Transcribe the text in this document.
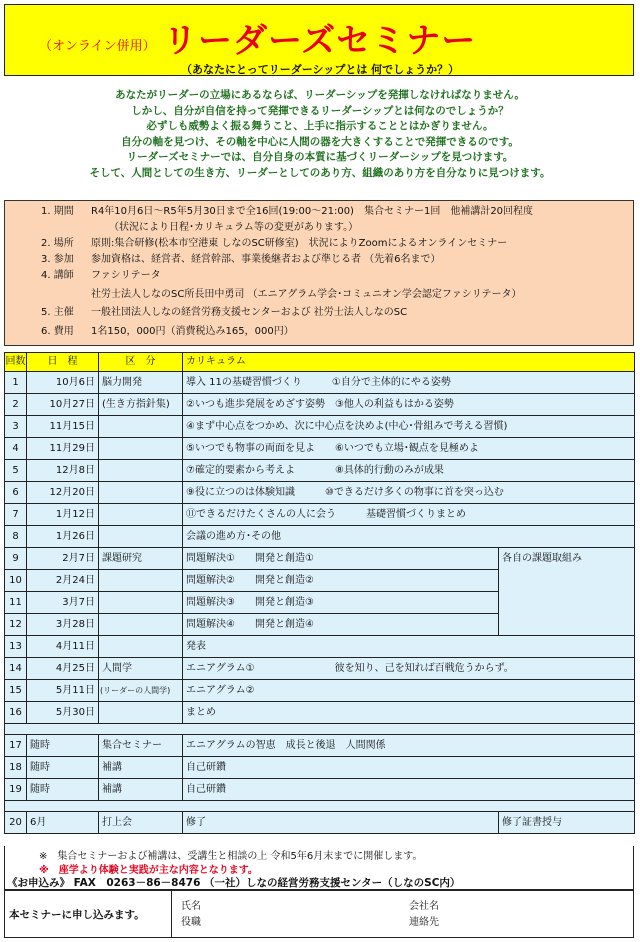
（オンライン併用） リーダーズセミナー
（あなたにとってリーダーシップとは 何でしょうか？）
あなたがリーダーの立場にあるならば、リーダーシップを発揮しなければなりません。
しかし、自分が自信を持って発揮できるリーダーシップとは何なのでしょうか？
必ずしも威勢よく振る舞うこと、上手に指示することとはかぎりません。
自分の軸を見つけ、その軸を中心に人間の器を大きくすることで発揮できるのです。
リーダーズセミナーでは、自分自身の本質に基づくリーダーシップを見つけます。
そして、人間としての生き方、リーダーとしてのあり方、組織のあり方を自分なりに見つけます。
1. 期間 R4年10月6日～R5年5月30日まで全16回(19:00～21:00)　集合セミナー1回　他補講計20回程度
（状況により日程･カリキュラム等の変更があります。）
2. 場所 原則:集合研修(松本市空港東 しなのSC研修室)　状況によりZoomによるオンラインセミナー
3. 参加 参加資格は、経営者、経営幹部、事業後継者および準じる者 （先着6名まで）
4. 講師 ファシリテータ
社労士法人しなのSC所長田中勇司 （エニアグラム学会･コミュニオン学会認定ファシリテータ）
5. 主催 一般社団法人しなの経営労務支援センターおよび 社労士法人しなのSC
6. 費用 1名150，000円（消費税込み165，000円）
回数	日　程	区　分	カリキュラム	
1	10月6日	脳力開発	導入 11の基礎習慣づくり　　　①自分で主体的にやる姿勢	
2	10月27日	(生き方指針集)	②いつも進歩発展をめざす姿勢　③他人の利益もはかる姿勢	
3	11月15日		④まず中心点をつかめ、次に中心点を決めよ(中心･骨組みで考える習慣)	
4	11月29日		⑤いつでも物事の両面を見よ　　⑥いつでも立場･観点を見極めよ	
5	12月8日		⑦確定的要素から考えよ　　　　⑧具体的行動のみが成果	
6	12月20日		⑨役に立つのは体験知識　　　⑩できるだけ多くの物事に首を突っ込む	
7	1月12日		⑪できるだけたくさんの人に会う　　　基礎習慣づくりまとめ	
8	1月26日		会議の進め方･その他	
9	2月7日	課題研究	問題解決①　　開発と創造①	各自の課題取組み
10	2月24日		問題解決②　　開発と創造②	
11	3月7日		問題解決③　　開発と創造③	
12	3月28日		問題解決④　　開発と創造④	
13	4月11日		発表	
14	4月25日	人間学	エニアグラム①　　　　　　　　彼を知り、己を知れば百戦危うからず。	
15	5月11日	(リーダーの人間学)	エニアグラム②	
16	5月30日		まとめ	

17	随時	集合セミナー	エニアグラムの智恵　成長と後退　人間関係	
18	随時	補講	自己研鑽	
19	随時	補講	自己研鑽	

20	6月	打上会	修了	修了証書授与
※　集合セミナーおよび補講は、受講生と相談の上 令和5年6月末までに開催します。
※　座学より体験と実践が主な内容となります。
《お申込み》 FAX　0263－86－8476 （一社）しなの経営労務支援センター（しなのSC内）
本セミナーに申し込みます。
氏名
役職
会社名
連絡先
